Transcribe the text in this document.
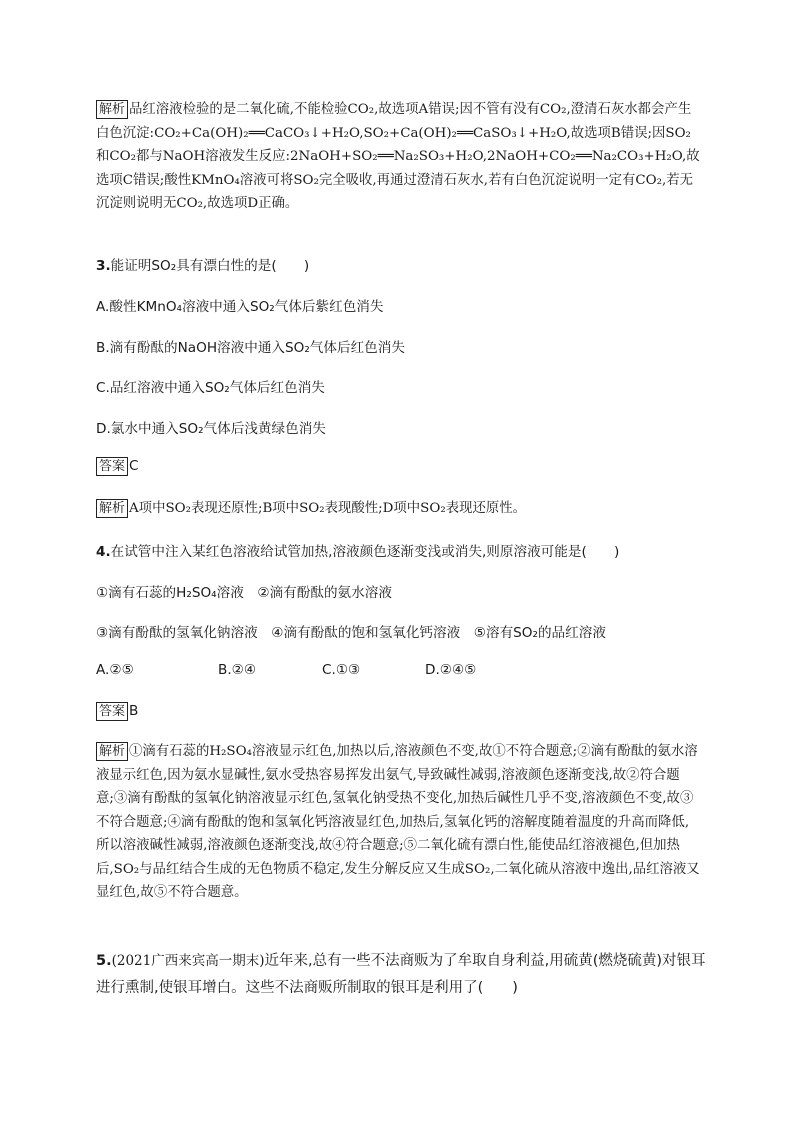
解析 品红溶液检验的是二氧化硫,不能检验CO₂,故选项A错误;因不管有没有CO₂,澄清石灰水都会产生白色沉淀:CO₂+Ca(OH)₂══CaCO₃↓+H₂O,SO₂+Ca(OH)₂══CaSO₃↓+H₂O,故选项B错误;因SO₂和CO₂都与NaOH溶液发生反应:2NaOH+SO₂══Na₂SO₃+H₂O,2NaOH+CO₂══Na₂CO₃+H₂O,故选项C错误;酸性KMnO₄溶液可将SO₂完全吸收,再通过澄清石灰水,若有白色沉淀说明一定有CO₂,若无沉淀则说明无CO₂,故选项D正确。
3.能证明SO₂具有漂白性的是(　　)
A.酸性KMnO₄溶液中通入SO₂气体后紫红色消失
B.滴有酚酞的NaOH溶液中通入SO₂气体后红色消失
C.品红溶液中通入SO₂气体后红色消失
D.氯水中通入SO₂气体后浅黄绿色消失
答案 C
解析 A项中SO₂表现还原性;B项中SO₂表现酸性;D项中SO₂表现还原性。
4.在试管中注入某红色溶液给试管加热,溶液颜色逐渐变浅或消失,则原溶液可能是(　　)
①滴有石蕊的H₂SO₄溶液　②滴有酚酞的氨水溶液
③滴有酚酞的氢氧化钠溶液　④滴有酚酞的饱和氢氧化钙溶液　⑤溶有SO₂的品红溶液
A.②⑤	B.②④	C.①③	D.②④⑤
答案 B
解析 ①滴有石蕊的H₂SO₄溶液显示红色,加热以后,溶液颜色不变,故①不符合题意;②滴有酚酞的氨水溶液显示红色,因为氨水显碱性,氨水受热容易挥发出氨气,导致碱性减弱,溶液颜色逐渐变浅,故②符合题意;③滴有酚酞的氢氧化钠溶液显示红色,氢氧化钠受热不变化,加热后碱性几乎不变,溶液颜色不变,故③不符合题意;④滴有酚酞的饱和氢氧化钙溶液显红色,加热后,氢氧化钙的溶解度随着温度的升高而降低,所以溶液碱性减弱,溶液颜色逐渐变浅,故④符合题意;⑤二氧化硫有漂白性,能使品红溶液褪色,但加热后,SO₂与品红结合生成的无色物质不稳定,发生分解反应又生成SO₂,二氧化硫从溶液中逸出,品红溶液又显红色,故⑤不符合题意。
5.(2021广西来宾高一期末)近年来,总有一些不法商贩为了牟取自身利益,用硫黄(燃烧硫黄)对银耳进行熏制,使银耳增白。这些不法商贩所制取的银耳是利用了(　　)
